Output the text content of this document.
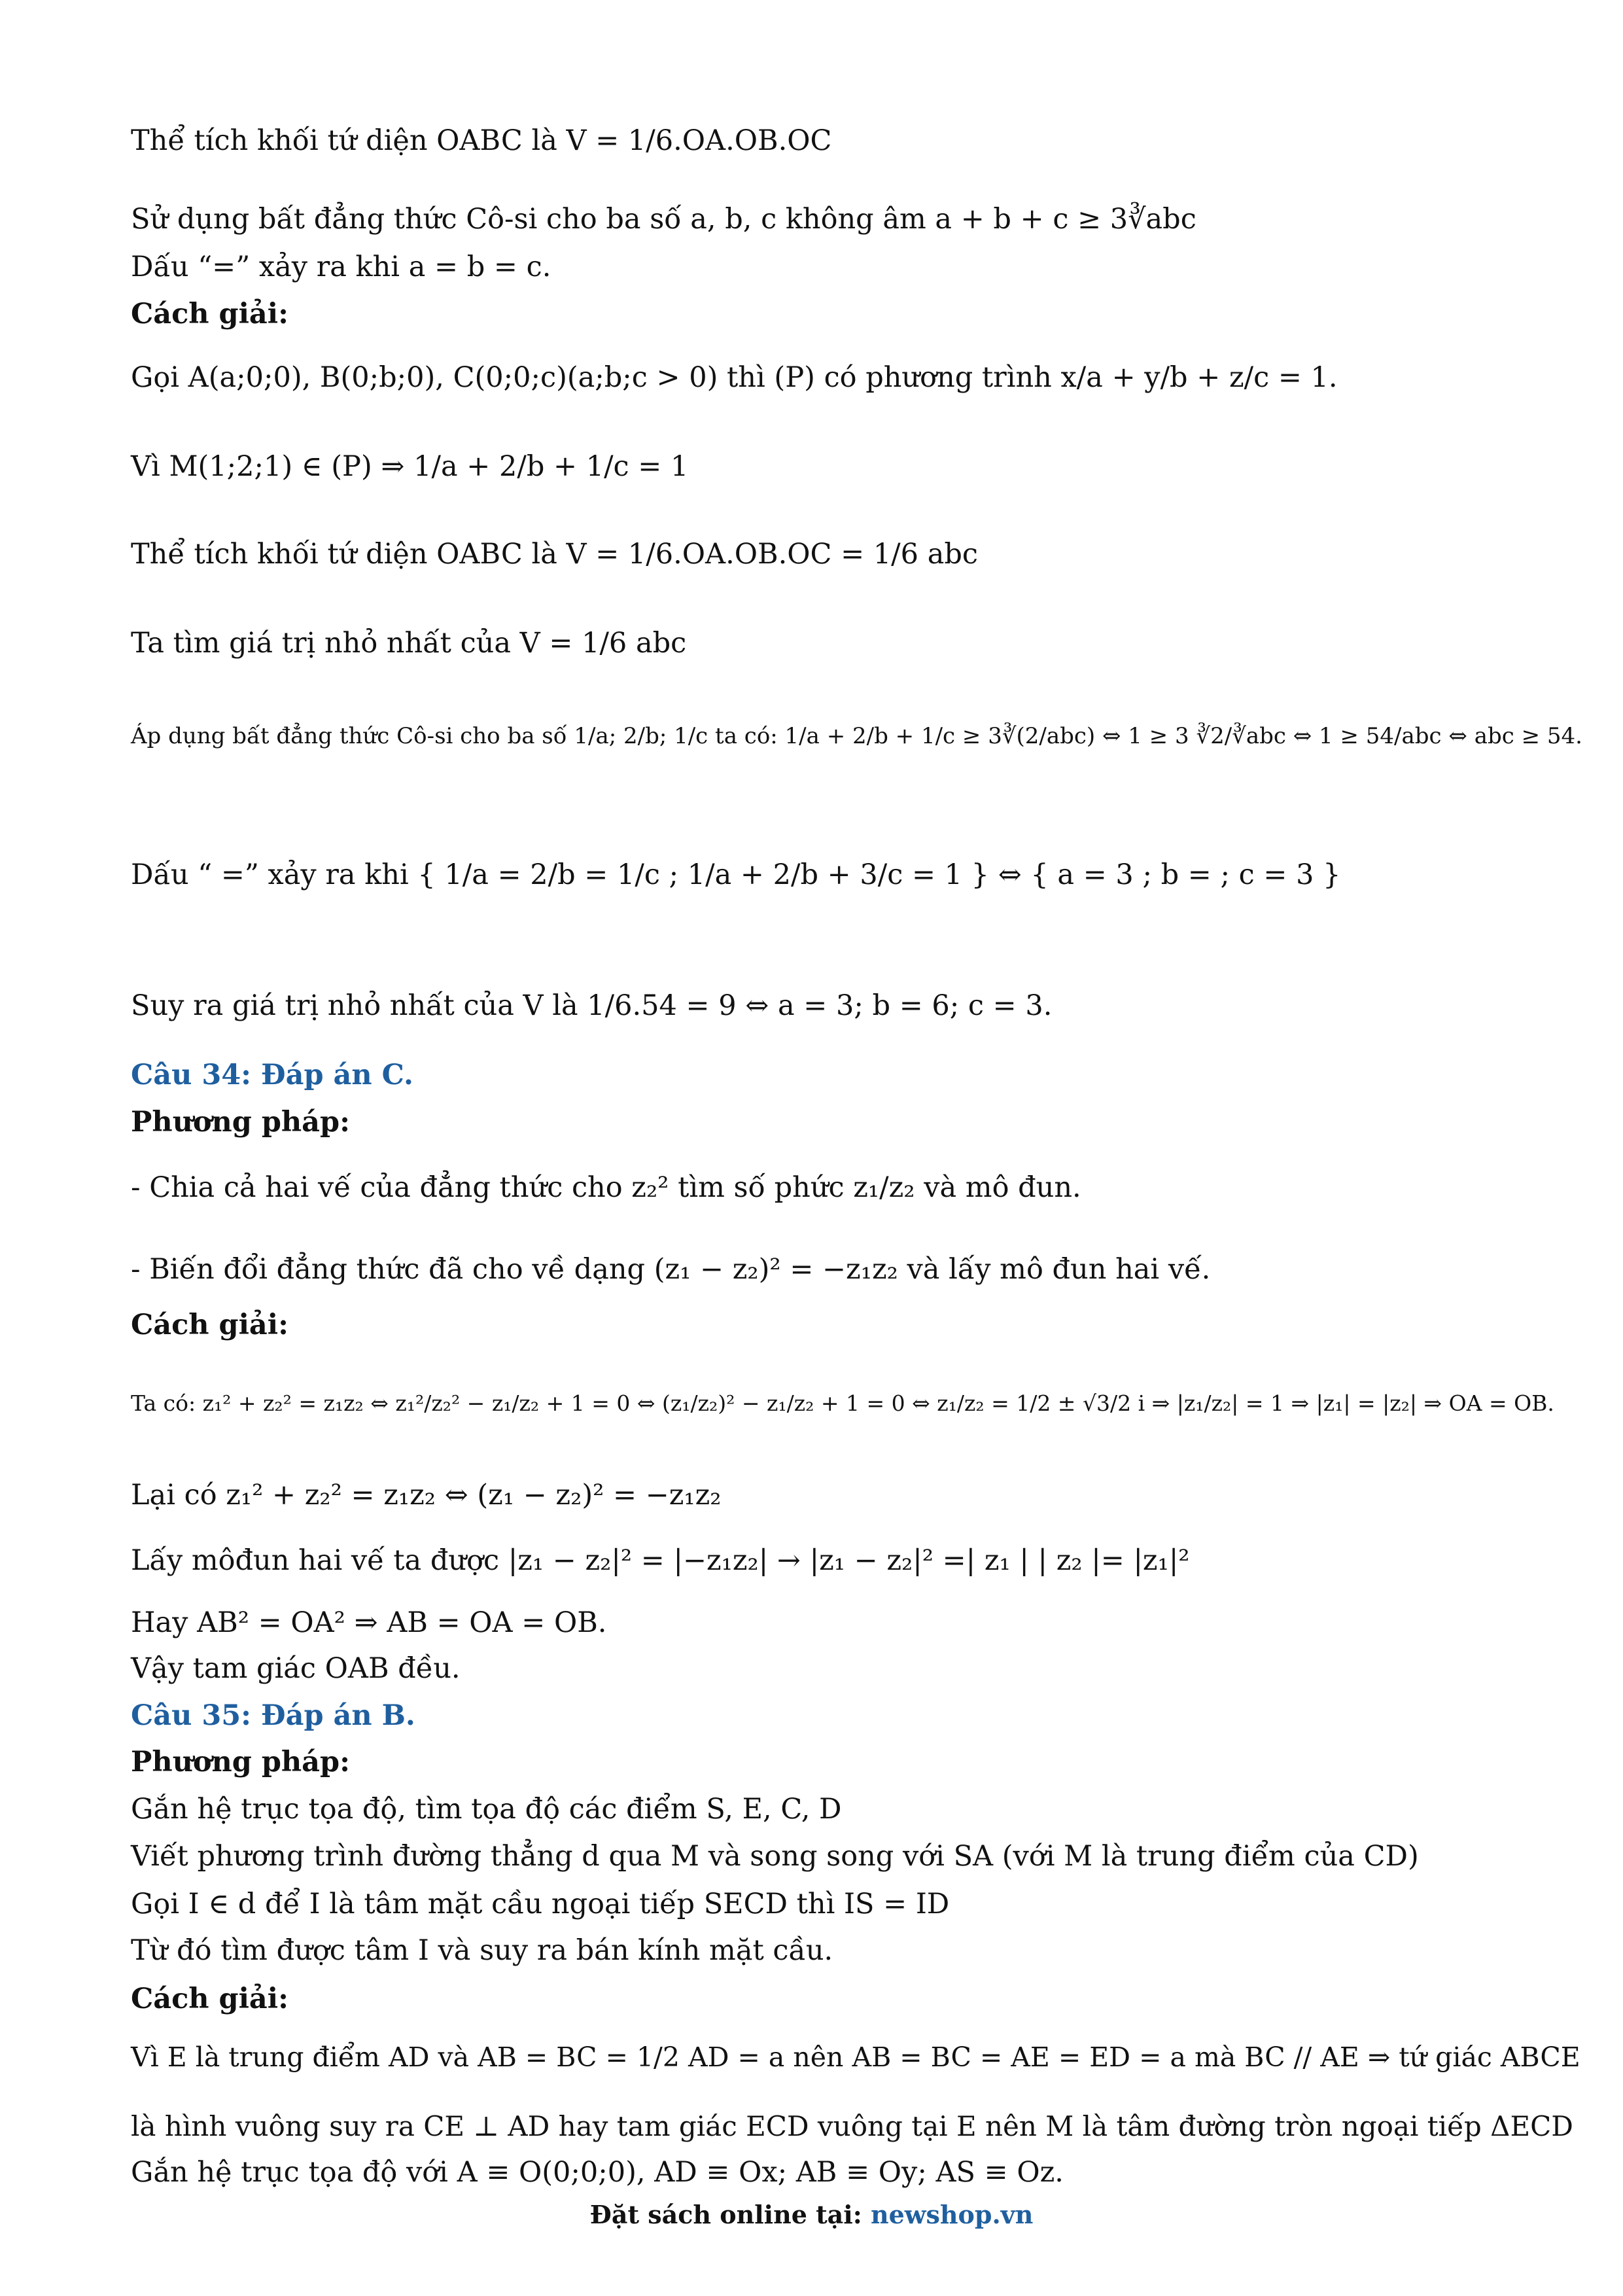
Thể tích khối tứ diện OABC là V = 1/6.OA.OB.OC
Sử dụng bất đẳng thức Cô-si cho ba số a, b, c không âm a + b + c ≥ 3∛abc
Dấu “=” xảy ra khi a = b = c.
Cách giải:
Gọi A(a;0;0), B(0;b;0), C(0;0;c)(a;b;c > 0) thì (P) có phương trình x/a + y/b + z/c = 1.
Vì M(1;2;1) ∈ (P) ⇒ 1/a + 2/b + 1/c = 1
Thể tích khối tứ diện OABC là V = 1/6.OA.OB.OC = 1/6 abc
Ta tìm giá trị nhỏ nhất của V = 1/6 abc
Áp dụng bất đẳng thức Cô-si cho ba số 1/a; 2/b; 1/c ta có: 1/a + 2/b + 1/c ≥ 3∛(2/abc) ⇔ 1 ≥ 3 ∛2/∛abc ⇔ 1 ≥ 54/abc ⇔ abc ≥ 54.
Dấu “ =” xảy ra khi { 1/a = 2/b = 1/c ; 1/a + 2/b + 3/c = 1 } ⇔ { a = 3 ; b = ; c = 3 }
Suy ra giá trị nhỏ nhất của V là 1/6.54 = 9 ⇔ a = 3; b = 6; c = 3.
Câu 34: Đáp án C.
Phương pháp:
- Chia cả hai vế của đẳng thức cho z₂² tìm số phức z₁/z₂ và mô đun.
- Biến đổi đẳng thức đã cho về dạng (z₁ − z₂)² = −z₁z₂ và lấy mô đun hai vế.
Cách giải:
Ta có: z₁² + z₂² = z₁z₂ ⇔ z₁²/z₂² − z₁/z₂ + 1 = 0 ⇔ (z₁/z₂)² − z₁/z₂ + 1 = 0 ⇔ z₁/z₂ = 1/2 ± √3/2 i ⇒ |z₁/z₂| = 1 ⇒ |z₁| = |z₂| ⇒ OA = OB.
Lại có z₁² + z₂² = z₁z₂ ⇔ (z₁ − z₂)² = −z₁z₂
Lấy môđun hai vế ta được |z₁ − z₂|² = |−z₁z₂| → |z₁ − z₂|² =| z₁ | | z₂ |= |z₁|²
Hay AB² = OA² ⇒ AB = OA = OB.
Vậy tam giác OAB đều.
Câu 35: Đáp án B.
Phương pháp:
Gắn hệ trục tọa độ, tìm tọa độ các điểm S, E, C, D
Viết phương trình đường thẳng d qua M và song song với SA (với M là trung điểm của CD)
Gọi I ∈ d để I là tâm mặt cầu ngoại tiếp SECD thì IS = ID
Từ đó tìm được tâm I và suy ra bán kính mặt cầu.
Cách giải:
Vì E là trung điểm AD và AB = BC = 1/2 AD = a nên AB = BC = AE = ED = a mà BC // AE ⇒ tứ giác ABCE
là hình vuông suy ra CE ⊥ AD hay tam giác ECD vuông tại E nên M là tâm đường tròn ngoại tiếp ΔECD
Gắn hệ trục tọa độ với A ≡ O(0;0;0), AD ≡ Ox; AB ≡ Oy; AS ≡ Oz.
Đặt sách online tại: newshop.vn
